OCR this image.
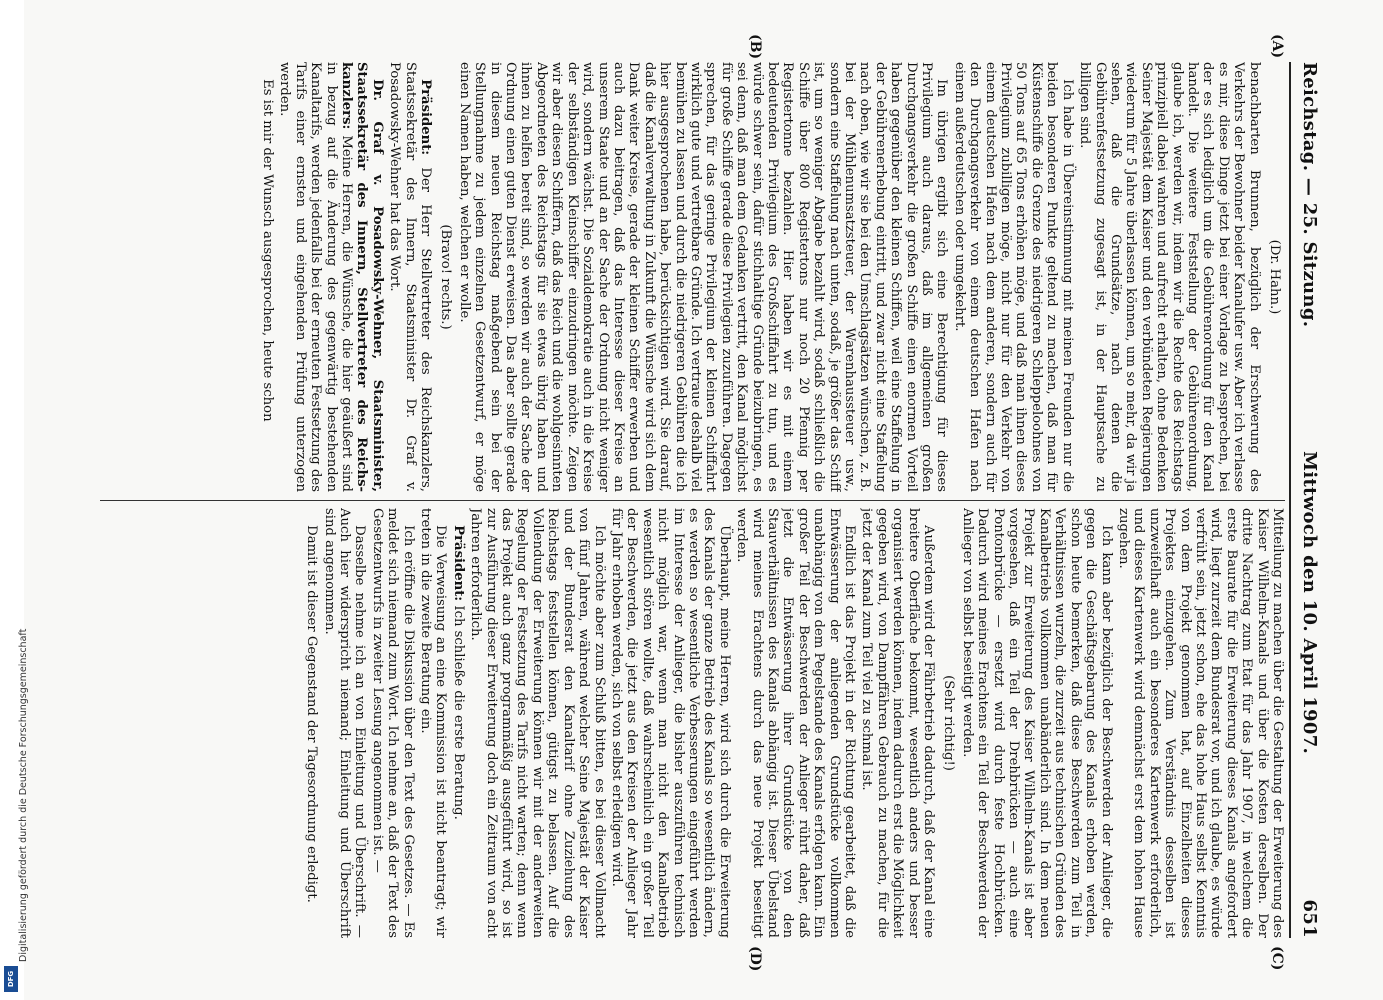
Reichstag. — 25. Sitzung.
Mittwoch den 10. April 1907.
651
(A)
(B)
(C)
(D)

(Dr. Hahn.)

benachbarten Brunnen, bezüglich der Erschwerung des Verkehrs der Bewohner beider Kanalufer usw. Aber ich verlasse es mir, diese Dinge jetzt bei einer Vorlage zu besprechen, bei der es sich lediglich um die Gebührenordnung für den Kanal handelt. Die weitere Feststellung der Gebührenordnung, glaube ich, werden wir, indem wir die Rechte des Reichstags prinzipiell dabei wahren und aufrecht erhalten, ohne Bedenken Seiner Majestät dem Kaiser und den verbündeten Regierungen wiederum für 5 Jahre überlassen können, um so mehr, da wir ja sehen, daß die Grundsätze, nach denen die Gebührenfestsetzung zugesagt ist, in der Hauptsache zu billigen sind.

Ich habe in Übereinstimmung mit meinen Freunden nur die beiden besonderen Punkte geltend zu machen, daß man für Küstenschiffe die Grenze des niedrigeren Schleppeloohnes von 50 Tons auf 65 Tons erhöhen möge, und daß man ihnen dieses Privilegium zubilligen möge, nicht nur für den Verkehr von einem deutschen Hafen nach dem anderen, sondern auch für den Durchgangsverkehr von einem deutschen Hafen nach einem außerdeutschen oder umgekehrt.

Im übrigen ergibt sich eine Berechtigung für dieses Privilegium auch daraus, daß im allgemeinen großen Durchgangsverkehr die großen Schiffe einen enormen Vorteil haben gegenüber den kleinen Schiffen, weil eine Staffelung in der Gebührenerhebung eintritt, und zwar nicht eine Staffelung nach oben, wie wir sie bei den Umschlagsätzen wünschen, z. B. bei der Mühlenumsatzsteuer, der Warenhaussteuer usw., sondern eine Staffelung nach unten, sodaß, je größer das Schiff ist, um so weniger Abgabe bezahlt wird, sodaß schließlich die Schiffe über 800 Registertons nur noch 20 Pfennig per Registertonne bezahlen. Hier haben wir es mit einem bedeutenden Privilegium des Großschiffahrt zu tun, und es würde schwer sein, dafür stichhaltige Gründe beizubringen, es sei denn, daß man dem Gedanken vertritt, den Kanal möglichst für große Schiffe gerade diese Privilegien zuzuführen. Dagegen sprechen, für das geringe Privilegium der kleinen Schiffahrt wirklich gute und vertretbare Gründe. Ich vertraue deshalb viel bemühen zu lassen und durch die niedrigeren Gebühren die ich hier ausgesprochenen habe, berücksichtigen wird. Sie darauf, daß die Kanalverwaltung in Zukunft die Wünsche wird sich dem Dank weiter Kreise, gerade der kleinen Schiffer erwerben und auch dazu beitragen, daß das Interesse dieser Kreise an unserem Staate und an der Sache der Ordnung nicht weniger wird, sondern wächst. Die Sozialdemokratie auch in die Kreise der selbständigen Kleinschiffer einzudringen möchte. Zeigen wir aber diesen Schiffern, daß das Reich und die wohlgesinnten Abgeordneten des Reichstags für sie etwas übrig haben und ihnen zu helfen bereit sind, so werden wir auch der Sache der Ordnung einen guten Dienst erweisen. Das aber sollte gerade in diesem neuen Reichstag maßgebend sein bei der Stellungnahme zu jedem einzelnen Gesetzentwurf, er möge einen Namen haben, welchen er wolle.

(Bravo! rechts.)

Präsident: Der Herr Stellvertreter des Reichskanzlers, Staatssekretär des Innern, Staatsminister Dr. Graf v. Posadowsky-Wehner hat das Wort.

Dr. Graf v. Posadowsky-Wehner, Staatsminister, Staatssekretär des Innern, Stellvertreter des Reichskanzlers: Meine Herren, die Wünsche, die hier geäußert sind in bezug auf die Änderung des gegenwärtig bestehenden Kanaltarifs, werden jedenfalls bei der erneuten Festsetzung des Tarifs einer ernsten und eingehenden Prüfung unterzogen werden.

Es ist mir der Wunsch ausgesprochen, heute schon

Mitteilung zu machen über die Gestaltung der Erweiterung des Kaiser Wilhelm-Kanals und über die Kosten derselben. Der dritte Nachtrag zum Etat für das Jahr 1907, in welchem die erste Baurate für die Erweiterung dieses Kanals angefordert wird, liegt zurzeit dem Bundesrat vor, und ich glaube, es würde verfrüht sein, jetzt schon, ehe das hohe Haus selbst Kenntnis von dem Projekt genommen hat, auf Einzelheiten dieses Projektes einzugehen. Zum Verständnis desselben ist unzweifelhaft auch ein besonderes Kartenwerk erforderlich, und dieses Kartenwerk wird demnächst erst dem hohen Hause zugehen.

Ich kann aber bezüglich der Beschwerden der Anlieger, die gegen die Geschäftsgebarung des Kanals erhoben werden, schon heute bemerken, daß diese Beschwerden zum Teil in Verhältnissen wurzeln, die zurzeit aus technischen Gründen des Kanalbetriebs vollkommen unabänderlich sind. In dem neuen Projekt zur Erweiterung des Kaiser Wilhelm-Kanals ist aber vorgesehen, daß ein Teil der Drehbrücken — auch eine Pontonbrücke — ersetzt wird durch feste Hochbrücken. Dadurch wird meines Erachtens ein Teil der Beschwerden der Anlieger von selbst beseitigt werden.

(Sehr richtig!)

Außerdem wird der Fährbetrieb dadurch, daß der Kanal eine breitere Oberfläche bekommt, wesentlich anders und besser organisiert werden können, indem dadurch erst die Möglichkeit gegeben wird, von Dampffähren Gebrauch zu machen, für die jetzt der Kanal zum Teil viel zu schmal ist.

Endlich ist das Projekt in der Richtung gearbeitet, daß die Entwässerung der anliegenden Grundstücke vollkommen unabhängig von dem Pegelstande des Kanals erfolgen kann. Ein großer Teil der Beschwerden der Anlieger rührt daher, daß jetzt die Entwässerung ihrer Grundstücke von den Stauverhältnissen des Kanals abhängig ist. Dieser Übelstand wird meines Erachtens durch das neue Projekt beseitigt werden.

Überhaupt, meine Herren, wird sich durch die Erweiterung des Kanals der ganze Betrieb des Kanals so wesentlich ändern, es werden so wesentliche Verbesserungen eingeführt werden im Interesse der Anlieger, die bisher auszuführen technisch nicht möglich war, wenn man nicht den Kanalbetrieb wesentlich stören wollte, daß wahrscheinlich ein großer Teil der Beschwerden, die jetzt aus den Kreisen der Anlieger Jahr für Jahr erhoben werden, sich von selbst erledigen wird.

Ich möchte aber zum Schluß bitten, es bei dieser Vollmacht von fünf Jahren, während welcher Seine Majestät der Kaiser und der Bundesrat den Kanaltarif ohne Zuziehung des Reichstags feststellen können, gütigst zu belassen. Auf die Vollendung der Erweiterung können wir mit der anderweiten Regelung der Festsetzung des Tarifs nicht warten; denn wenn das Projekt auch ganz programmäßig ausgeführt wird, so ist zur Ausführung dieser Erweiterung doch ein Zeitraum von acht Jahren erforderlich.

Präsident: Ich schließe die erste Beratung.

Die Verweisung an eine Kommission ist nicht beantragt; wir treten in die zweite Beratung ein.

Ich eröffne die Diskussion über den Text des Gesetzes. — Es meldet sich niemand zum Wort. Ich nehme an, daß der Text des Gesetzentwurfs in zweiter Lesung angenommen ist. —

Dasselbe nehme ich an von Einleitung und Überschrift. — Auch hier widerspricht niemand; Einleitung und Überschrift sind angenommen.

Damit ist dieser Gegenstand der Tagesordnung erledigt.

Digitalisierung gefördert durch die Deutsche Forschungsgemeinschaft
DFG
